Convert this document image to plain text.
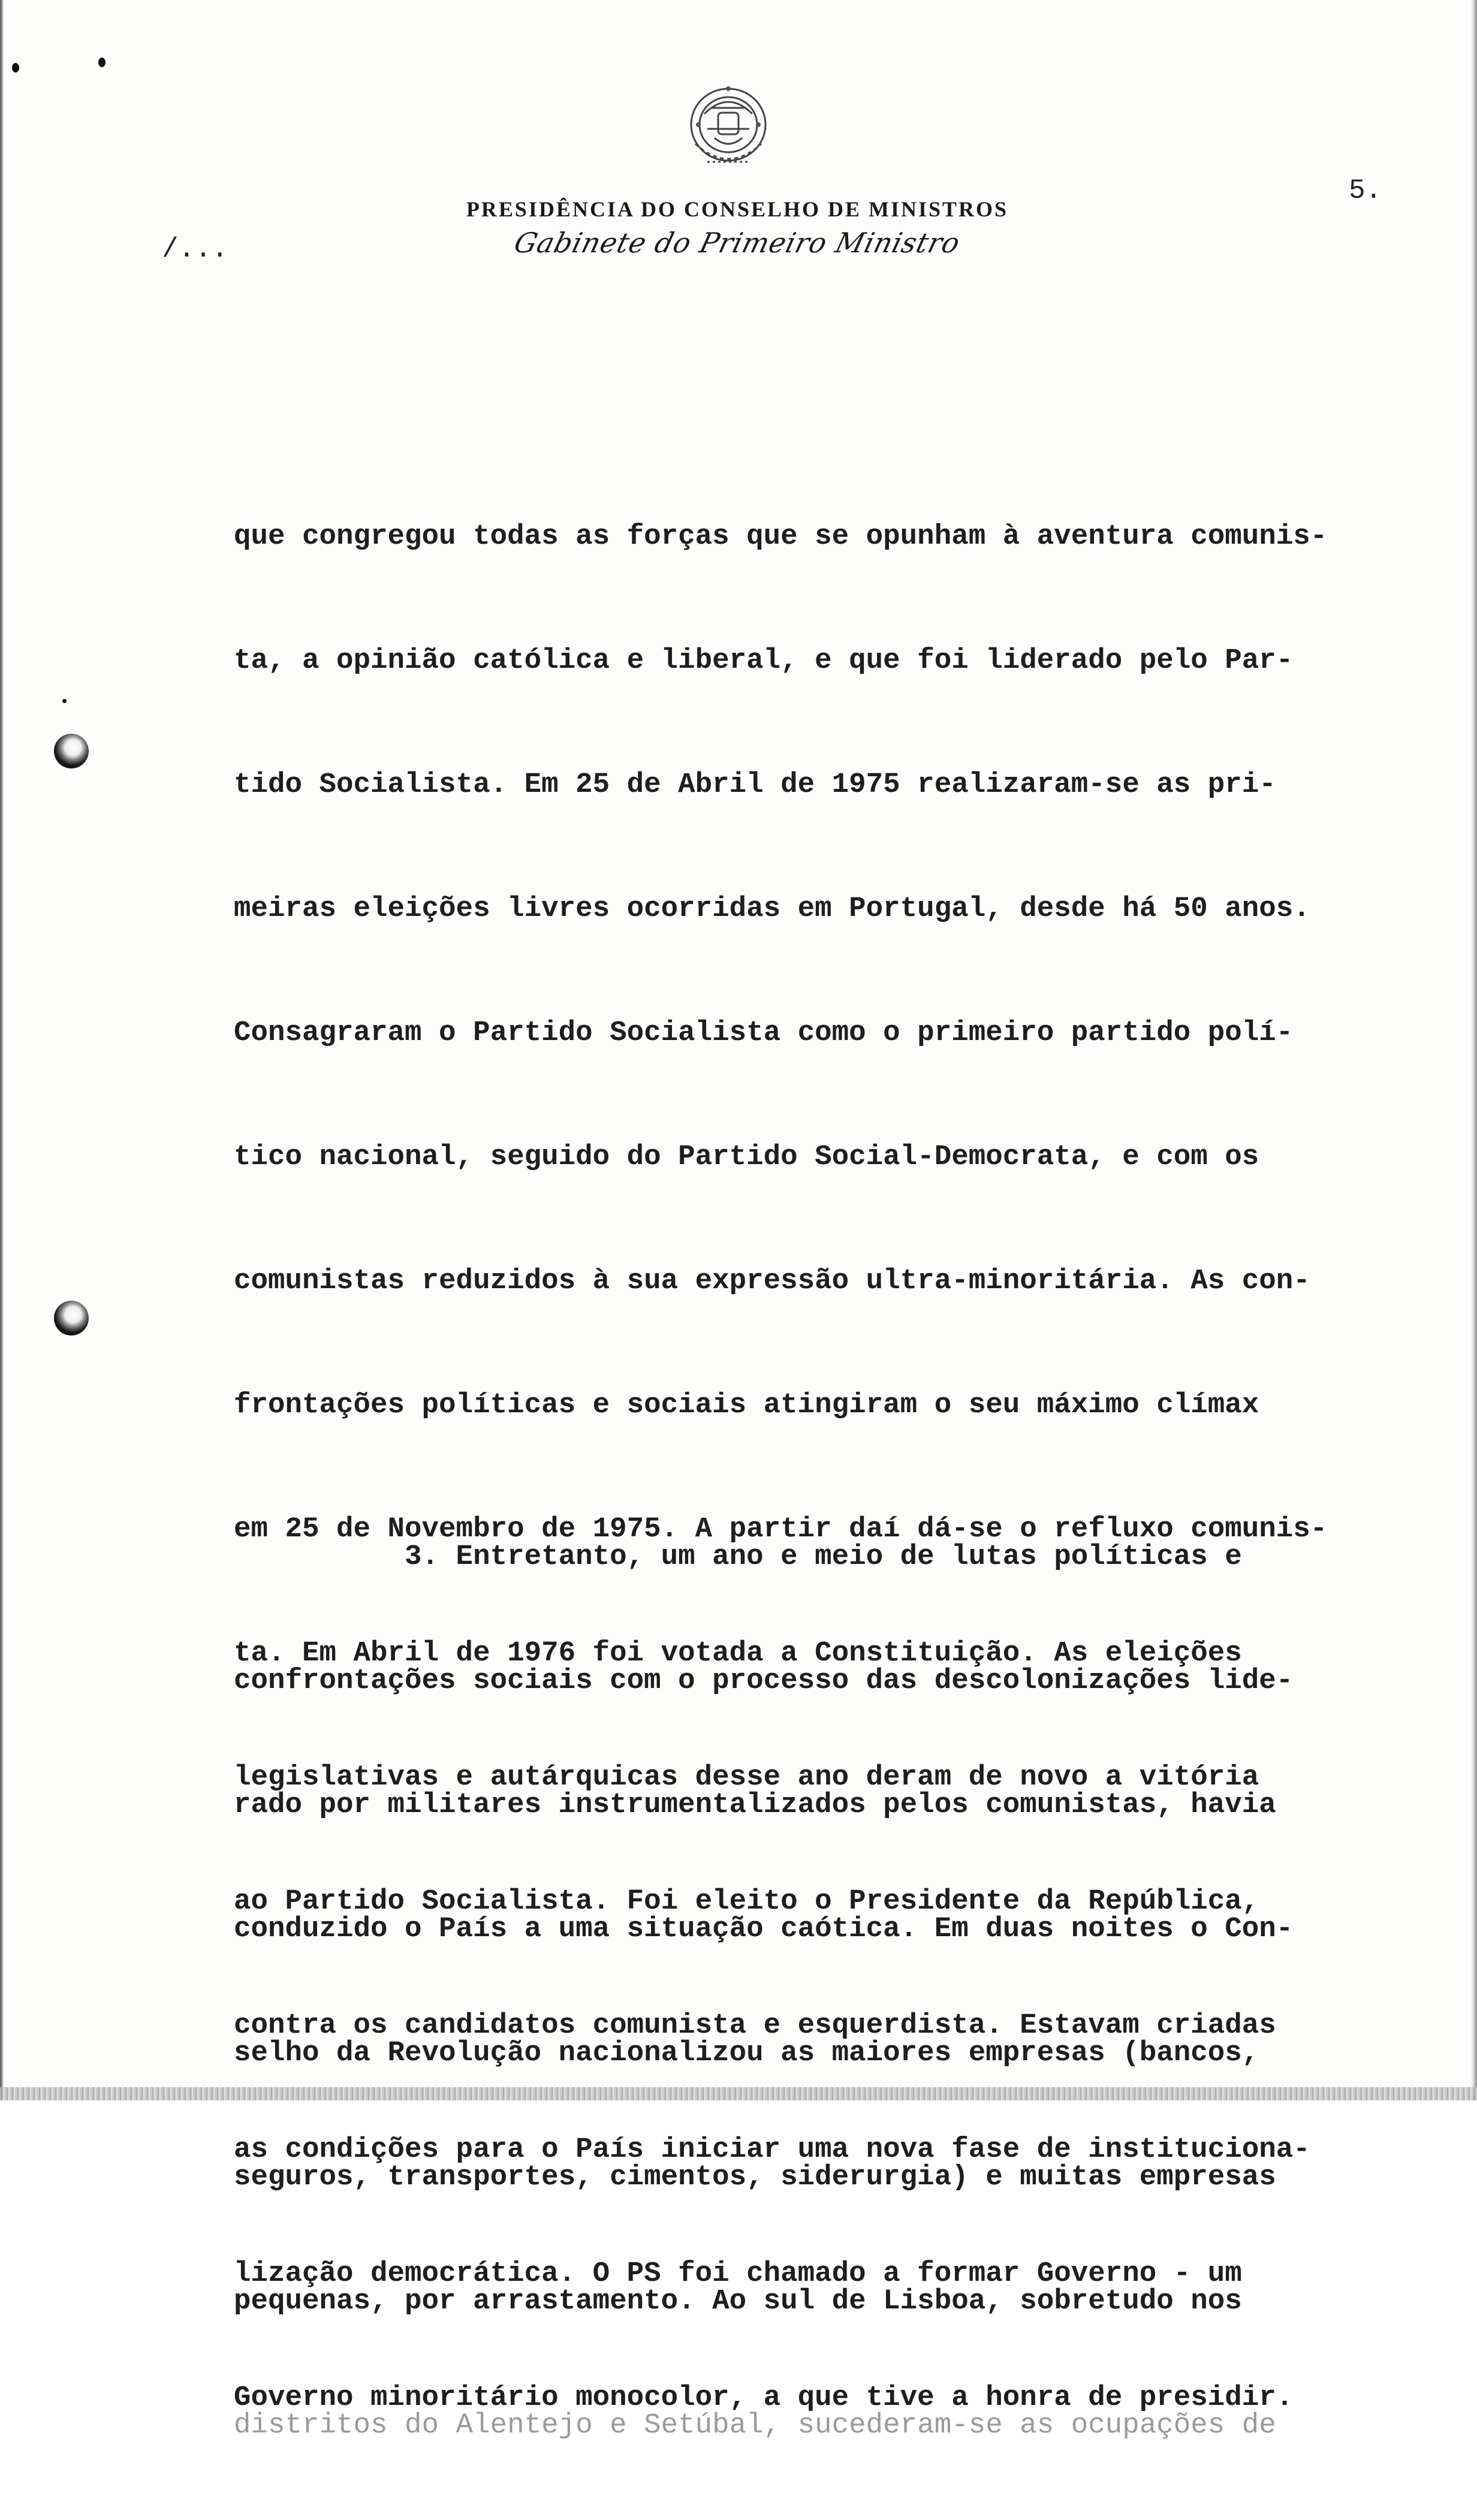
PRESIDÊNCIA DO CONSELHO DE MINISTROS
Gabinete do Primeiro Ministro
5.
/...

que congregou todas as forças que se opunham à aventura comunis-

ta, a opinião católica e liberal, e que foi liderado pelo Par-

tido Socialista. Em 25 de Abril de 1975 realizaram-se as pri-

meiras eleições livres ocorridas em Portugal, desde há 50 anos.

Consagraram o Partido Socialista como o primeiro partido polí-

tico nacional, seguido do Partido Social-Democrata, e com os

comunistas reduzidos à sua expressão ultra-minoritária. As con-

frontações políticas e sociais atingiram o seu máximo clímax

em 25 de Novembro de 1975. A partir daí dá-se o refluxo comunis-

ta. Em Abril de 1976 foi votada a Constituição. As eleições

legislativas e autárquicas desse ano deram de novo a vitória

ao Partido Socialista. Foi eleito o Presidente da República,

contra os candidatos comunista e esquerdista. Estavam criadas

as condições para o País iniciar uma nova fase de instituciona-

lização democrática. O PS foi chamado a formar Governo - um

Governo minoritário monocolor, a que tive a honra de presidir.

3. Entretanto, um ano e meio de lutas políticas e

confrontações sociais com o processo das descolonizações lide-

rado por militares instrumentalizados pelos comunistas, havia

conduzido o País a uma situação caótica. Em duas noites o Con-

selho da Revolução nacionalizou as maiores empresas (bancos,

seguros, transportes, cimentos, siderurgia) e muitas empresas

pequenas, por arrastamento. Ao sul de Lisboa, sobretudo nos

distritos do Alentejo e Setúbal, sucederam-se as ocupações de
